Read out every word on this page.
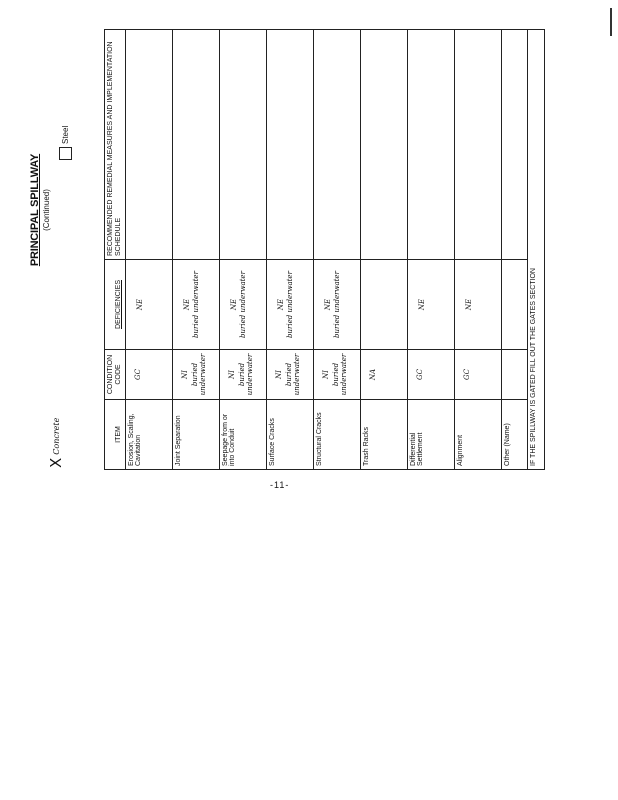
PRINCIPAL SPILLWAY (Continued)
X
Concrete
Steel
ITEM	CONDITION CODE	DEFICIENCIES	RECOMMENDED REMEDIAL MEASURES AND IMPLEMENTATION SCHEDULE
Erosion, Scaling, Cavitation	GC	NE

Joint Separation	NI buried underwater	NE buried underwater	

Seepage from or into Conduit	NI buried underwater	NE buried underwater	

Surface Cracks	NI buried underwater	NE buried underwater	

Structural Cracks	NI buried underwater	NE buried underwater	

Trash Racks	NA

Differential Settlement	GC	NE

Alignment	GC	NE

Other (Name)	

IF THE SPILLWAY IS GATED FILL OUT THE GATES SECTION			
-11-
